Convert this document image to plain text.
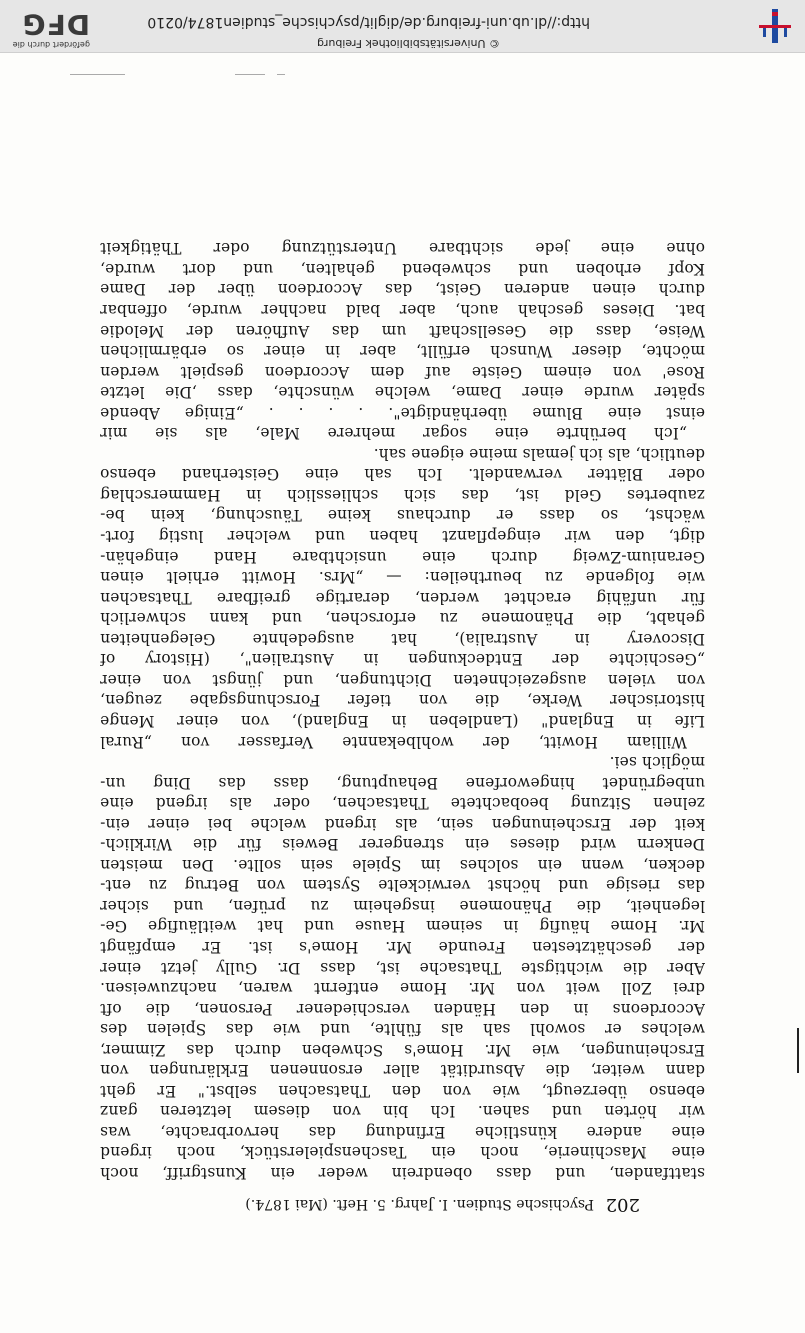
202
Psychische Studien. I. Jahrg. 5. Heft. (Mai 1874.)
stattfanden, und dass obendrein weder ein Kunstgriff, noch
eine Maschinerie, noch ein Taschenspielerstück, noch irgend
eine andere künstliche Erfindung das hervorbrachte, was
wir hörten und sahen. Ich bin von diesem letzteren ganz
ebenso überzeugt, wie von den Thatsachen selbst." Er geht
dann weiter, die Absurdität aller ersonnenen Erklärungen von
Erscheinungen, wie Mr. Home's Schweben durch das Zimmer,
welches er sowohl sah als fühlte, und wie das Spielen des
Accordeons in den Händen verschiedener Personen, die oft
drei Zoll weit von Mr. Home entfernt waren, nachzuweisen.
Aber die wichtigste Thatsache ist, dass Dr. Gully jetzt einer
der geschätztesten Freunde Mr. Home's ist. Er empfängt
Mr. Home häufig in seinem Hause und hat weitläufige Ge-
legenheit, die Phänomene insgeheim zu prüfen, und sicher
das riesige und höchst verwickelte System von Betrug zu ent-
decken, wenn ein solches im Spiele sein sollte. Den meisten
Denkern wird dieses ein strengerer Beweis für die Wirklich-
keit der Erscheinungen sein, als irgend welche bei einer ein-
zelnen Sitzung beobachtete Thatsachen, oder als irgend eine
unbegründet hingeworfene Behauptung, dass das Ding un-
möglich sei.
William Howitt, der wohlbekannte Verfasser von „Rural
Life in England" (Landleben in England), von einer Menge
historischer Werke, die von tiefer Forschungsgabe zeugen,
von vielen ausgezeichneten Dichtungen, und jüngst von einer
„Geschichte der Entdeckungen in Australien", (History of
Discovery in Australia), hat ausgedehnte Gelegenheiten
gehabt, die Phänomene zu erforschen, und kann schwerlich
für unfähig erachtet werden, derartige greifbare Thatsachen
wie folgende zu beurtheilen: — „Mrs. Howitt erhielt einen
Geranium-Zweig durch eine unsichtbare Hand eingehän-
digt, den wir eingepflanzt haben und welcher lustig fort-
wächst, so dass er durchaus keine Täuschung, kein be-
zaubertes Geld ist, das sich schliesslich in Hammerschlag
oder Blätter verwandelt. Ich sah eine Geisterhand ebenso
deutlich, als ich jemals meine eigene sah.
„Ich berührte eine sogar mehrere Male, als sie mir
einst eine Blume überhändigte". . . . . „Einige Abende
später wurde einer Dame, welche wünschte, dass ‚Die letzte
Rose' von einem Geiste auf dem Accordeon gespielt werden
möchte, dieser Wunsch erfüllt, aber in einer so erbärmlichen
Weise, dass die Gesellschaft um das Aufhören der Melodie
bat. Dieses geschah auch, aber bald nachher wurde, offenbar
durch einen anderen Geist, das Accordeon über der Dame
Kopf erhoben und schwebend gehalten, und dort wurde,
ohne eine jede sichtbare Unterstützung oder Thätigkeit
http://dl.ub.uni-freiburg.de/diglit/psychische_studien1874/0210
© Universitätsbibliothek Freiburg
gefördert durch die
DFG
